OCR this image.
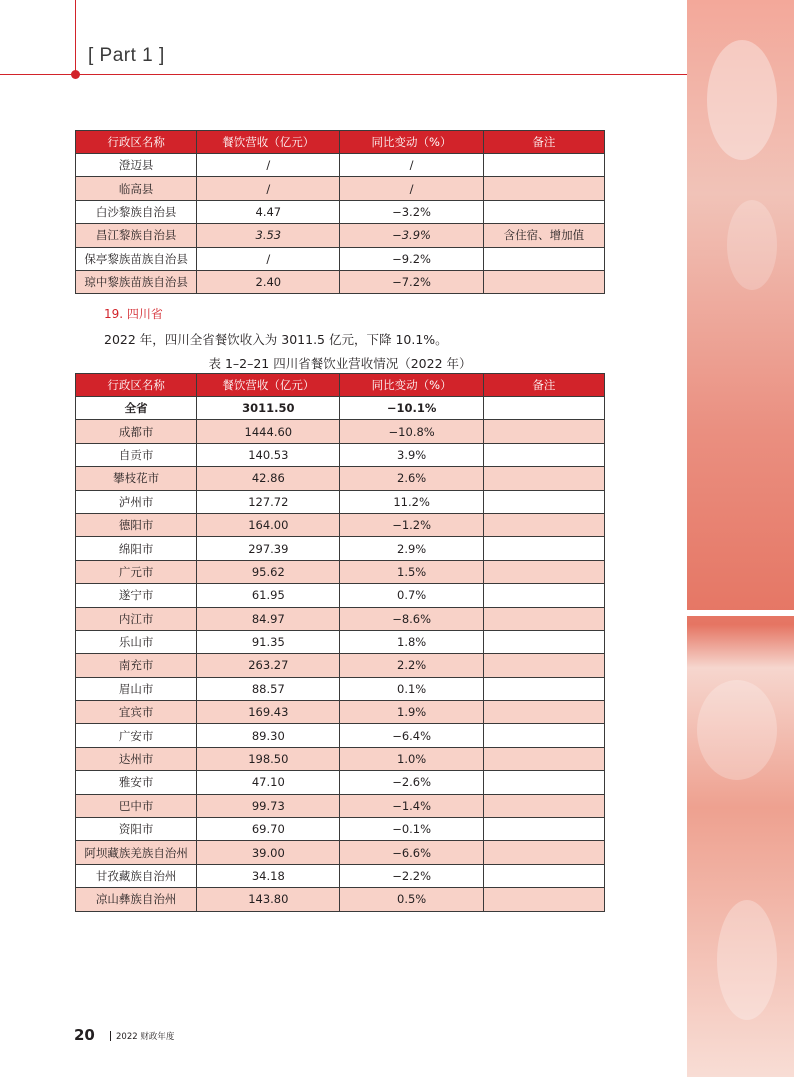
[ Part 1 ]
行政区名称	餐饮营收（亿元）	同比变动（%）	备注
澄迈县	/	/	
临高县	/	/	
白沙黎族自治县	4.47	−3.2%	
昌江黎族自治县	3.53	−3.9%	含住宿、增加值
保亭黎族苗族自治县	/	−9.2%	
琼中黎族苗族自治县	2.40	−7.2%	
19. 四川省
2022 年，四川全省餐饮收入为 3011.5 亿元，下降 10.1%。
表 1–2–21 四川省餐饮业营收情况（2022 年）
行政区名称	餐饮营收（亿元）	同比变动（%）	备注
全省	3011.50	−10.1%	
成都市	1444.60	−10.8%	
自贡市	140.53	3.9%	
攀枝花市	42.86	2.6%	
泸州市	127.72	11.2%	
德阳市	164.00	−1.2%	
绵阳市	297.39	2.9%	
广元市	95.62	1.5%	
遂宁市	61.95	0.7%	
内江市	84.97	−8.6%	
乐山市	91.35	1.8%	
南充市	263.27	2.2%	
眉山市	88.57	0.1%	
宜宾市	169.43	1.9%	
广安市	89.30	−6.4%	
达州市	198.50	1.0%	
雅安市	47.10	−2.6%	
巴中市	99.73	−1.4%	
资阳市	69.70	−0.1%	
阿坝藏族羌族自治州	39.00	−6.6%	
甘孜藏族自治州	34.18	−2.2%	
凉山彝族自治州	143.80	0.5%	
20 2022 财政年度
